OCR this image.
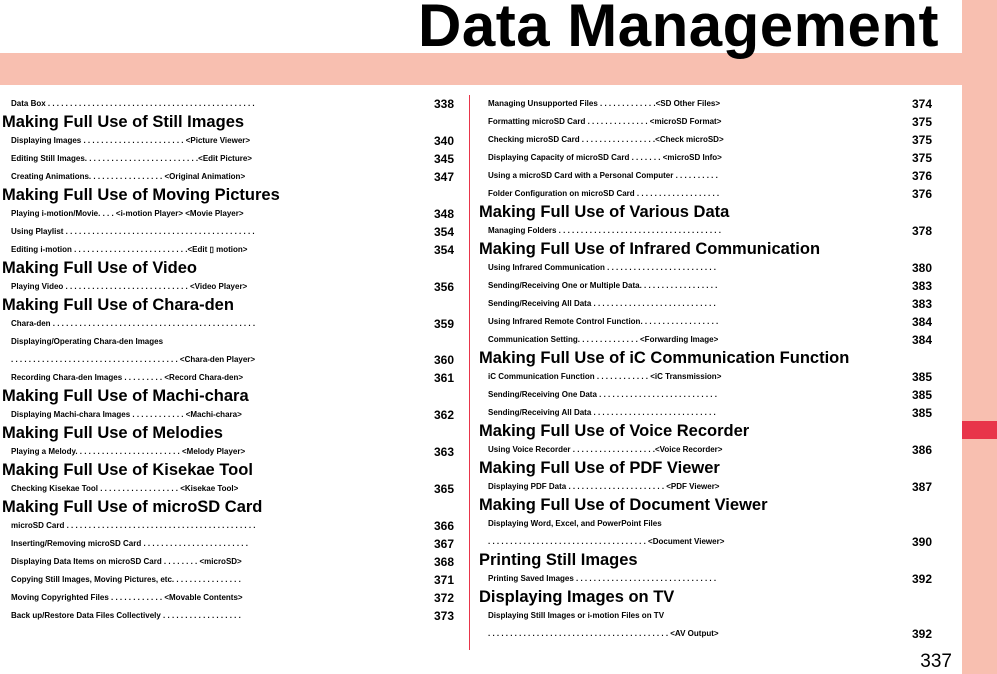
Data Management
Data Box . . . . . . . . . . . . . . . . . . . . . . . . . . . . . . . . . . . . . . . . . . . . . . .	338
Making Full Use of Still Images
Displaying Images . . . . . . . . . . . . . . . . . . . . . . . <Picture Viewer>	340
Editing Still Images. . . . . . . . . . . . . . . . . . . . . . . . . .<Edit Picture>	345
Creating Animations. . . . . . . . . . . . . . . . . <Original Animation>	347
Making Full Use of Moving Pictures
Playing i-motion/Movie. . . . <i-motion Player> <Movie Player>	348
Using Playlist . . . . . . . . . . . . . . . . . . . . . . . . . . . . . . . . . . . . . . . . . . .	354
Editing i-motion . . . . . . . . . . . . . . . . . . . . . . . . . .<Edit ▯ motion>	354
Making Full Use of Video
Playing Video . . . . . . . . . . . . . . . . . . . . . . . . . . . . <Video Player>	356
Making Full Use of Chara-den
Chara-den . . . . . . . . . . . . . . . . . . . . . . . . . . . . . . . . . . . . . . . . . . . . . .	359
Displaying/Operating Chara-den Images
. . . . . . . . . . . . . . . . . . . . . . . . . . . . . . . . . . . . . . <Chara-den Player>	360
Recording Chara-den Images . . . . . . . . . <Record Chara-den>	361
Making Full Use of Machi-chara
Displaying Machi-chara Images . . . . . . . . . . . . <Machi-chara>	362
Making Full Use of Melodies
Playing a Melody. . . . . . . . . . . . . . . . . . . . . . . . <Melody Player>	363
Making Full Use of Kisekae Tool
Checking Kisekae Tool . . . . . . . . . . . . . . . . . . <Kisekae Tool>	365
Making Full Use of microSD Card
microSD Card . . . . . . . . . . . . . . . . . . . . . . . . . . . . . . . . . . . . . . . . . . .	366
Inserting/Removing microSD Card . . . . . . . . . . . . . . . . . . . . . . . .	367
Displaying Data Items on microSD Card . . . . . . . . <microSD>	368
Copying Still Images, Moving Pictures, etc. . . . . . . . . . . . . . . .	371
Moving Copyrighted Files . . . . . . . . . . . . <Movable Contents>	372
Back up/Restore Data Files Collectively . . . . . . . . . . . . . . . . . .	373
Managing Unsupported Files . . . . . . . . . . . . .<SD Other Files>	374
Formatting microSD Card . . . . . . . . . . . . . . <microSD Format>	375
Checking microSD Card . . . . . . . . . . . . . . . . .<Check microSD>	375
Displaying Capacity of microSD Card . . . . . . . <microSD Info>	375
Using a microSD Card with a Personal Computer . . . . . . . . . .	376
Folder Configuration on microSD Card . . . . . . . . . . . . . . . . . . .	376
Making Full Use of Various Data
Managing Folders . . . . . . . . . . . . . . . . . . . . . . . . . . . . . . . . . . . . .	378
Making Full Use of Infrared Communication
Using Infrared Communication . . . . . . . . . . . . . . . . . . . . . . . . .	380
Sending/Receiving One or Multiple Data. . . . . . . . . . . . . . . . . .	383
Sending/Receiving All Data . . . . . . . . . . . . . . . . . . . . . . . . . . . .	383
Using Infrared Remote Control Function. . . . . . . . . . . . . . . . . .	384
Communication Setting. . . . . . . . . . . . . . <Forwarding Image>	384
Making Full Use of iC Communication Function
iC Communication Function . . . . . . . . . . . . <iC Transmission>	385
Sending/Receiving One Data . . . . . . . . . . . . . . . . . . . . . . . . . . .	385
Sending/Receiving All Data . . . . . . . . . . . . . . . . . . . . . . . . . . . .	385
Making Full Use of Voice Recorder
Using Voice Recorder . . . . . . . . . . . . . . . . . . .<Voice Recorder>	386
Making Full Use of PDF Viewer
Displaying PDF Data . . . . . . . . . . . . . . . . . . . . . . <PDF Viewer>	387
Making Full Use of Document Viewer
Displaying Word, Excel, and PowerPoint Files
. . . . . . . . . . . . . . . . . . . . . . . . . . . . . . . . . . . . <Document Viewer>	390
Printing Still Images
Printing Saved Images . . . . . . . . . . . . . . . . . . . . . . . . . . . . . . . .	392
Displaying Images on TV
Displaying Still Images or i-motion Files on TV
. . . . . . . . . . . . . . . . . . . . . . . . . . . . . . . . . . . . . . . . . <AV Output>	392
337
